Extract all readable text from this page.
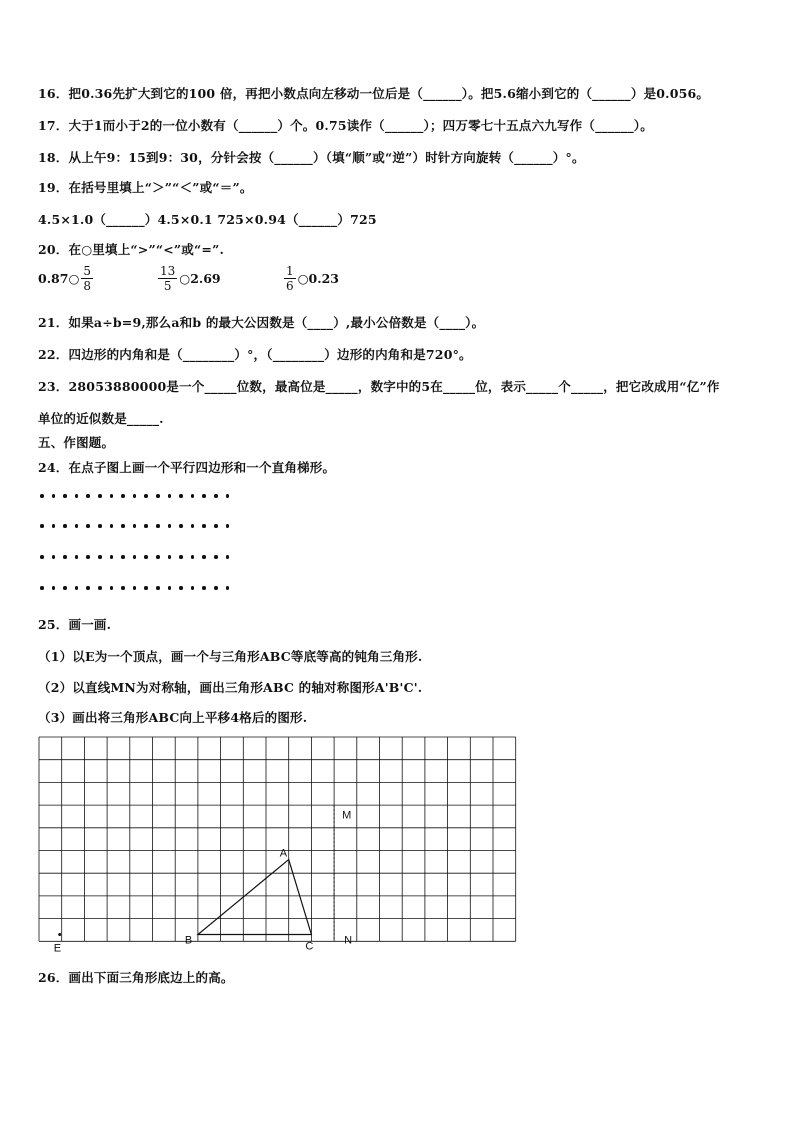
16．把0.36先扩大到它的100 倍，再把小数点向左移动一位后是（______）。把5.6缩小到它的（______）是0.056。
17．大于1而小于2的一位小数有（______）个。0.75读作（______）；四万零七十五点六九写作（______）。
18．从上午9：15到9：30，分针会按（______）（填“顺”或“逆”）时针方向旋转（______）°。
19．在括号里填上“＞”“＜”或“＝”。
4.5×1.0（______）4.5×0.1 725×0.94（______）725
20．在○里填上“>”“<”或“=”.
0.87○ $\frac{5}{8}$	$\frac{13}{5}$ ○2.69	$\frac{1}{6}$ ○0.23
21．如果a÷b=9,那么a和b 的最大公因数是（____）,最小公倍数是（____）。
22．四边形的内角和是（________）°，（________）边形的内角和是720°。
23．28053880000是一个_____位数，最高位是_____，数字中的5在_____位，表示_____个_____，把它改成用“亿”作
单位的近似数是_____.
五、作图题。
24．在点子图上画一个平行四边形和一个直角梯形。
25．画一画.
（1）以E为一个顶点，画一个与三角形ABC等底等高的钝角三角形.
（2）以直线MN为对称轴，画出三角形ABC 的轴对称图形A'B'C'.
（3）画出将三角形ABC向上平移4格后的图形.
A
B	C
M
N
E
26．画出下面三角形底边上的高。
